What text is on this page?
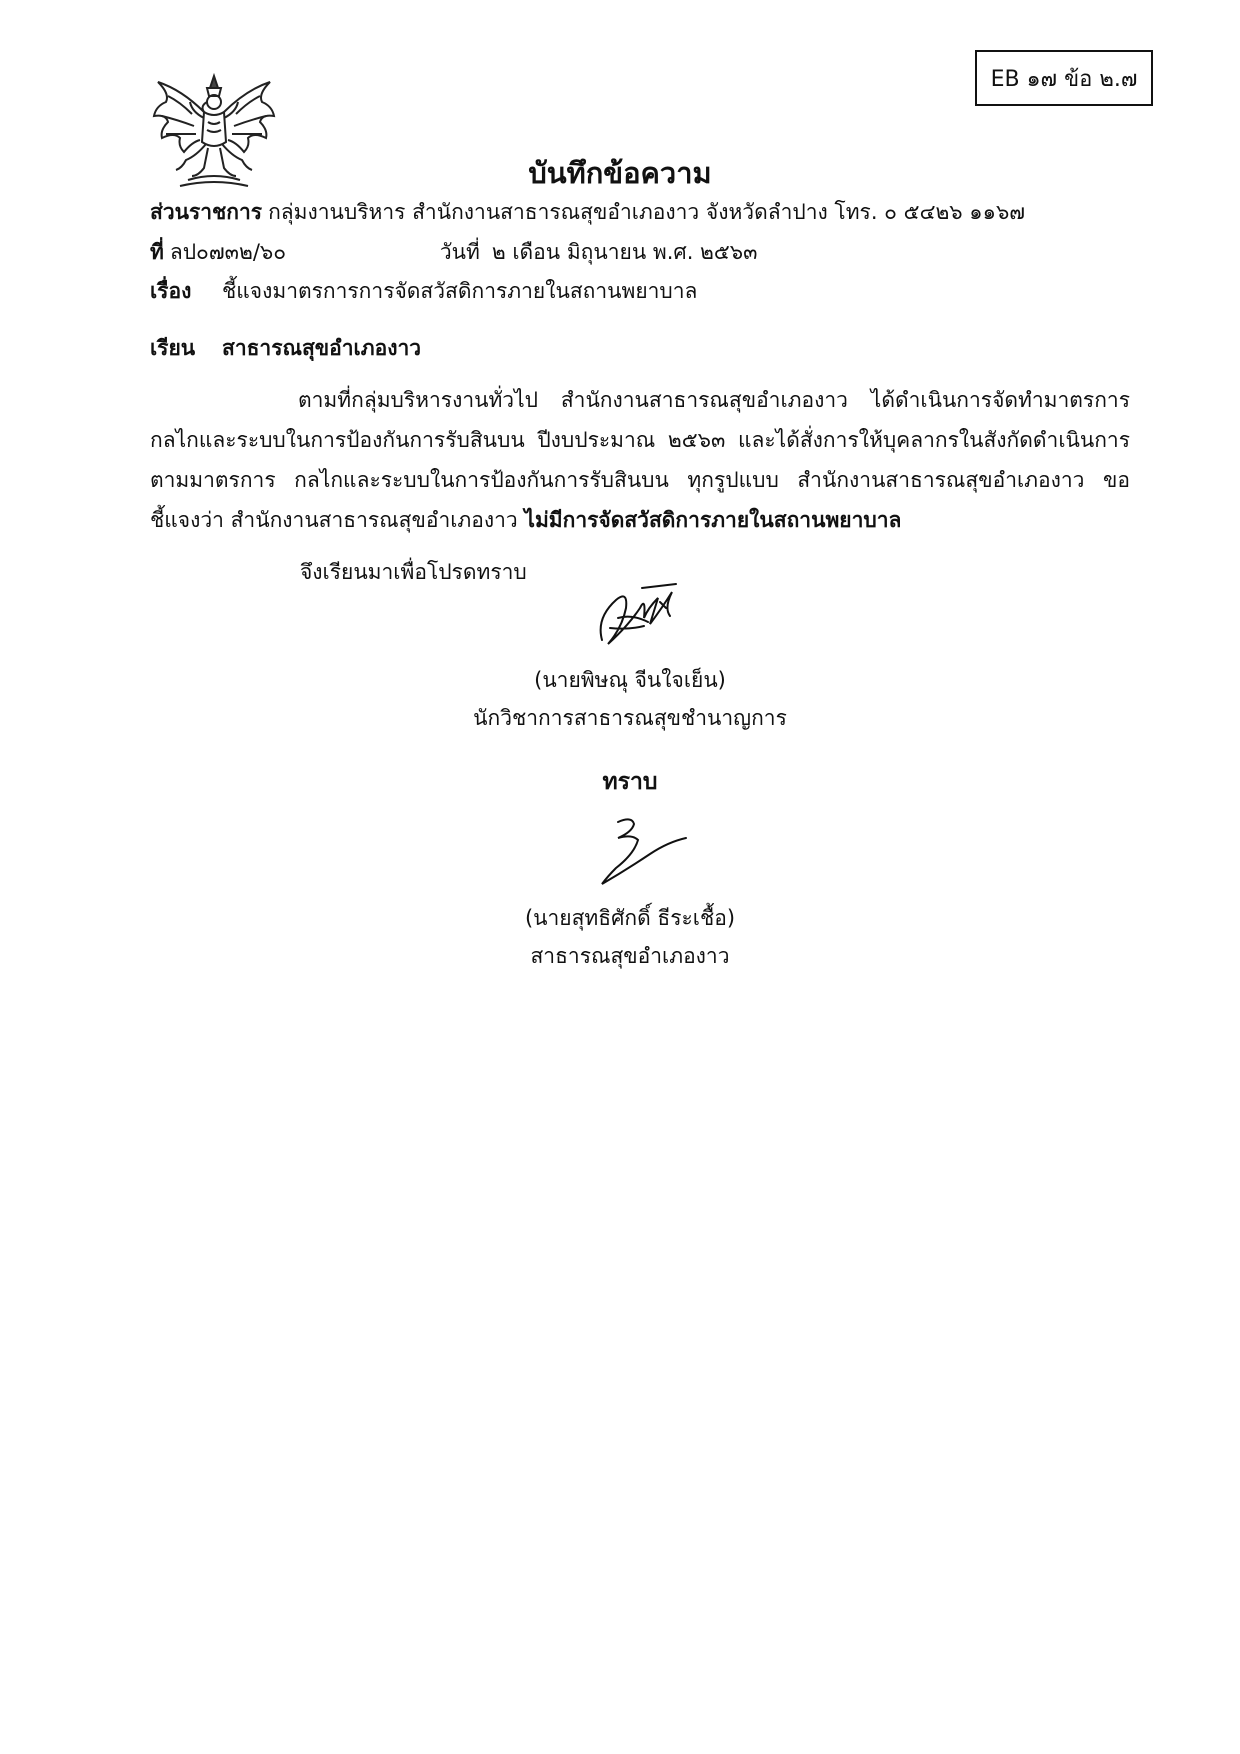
EB ๑๗ ข้อ ๒.๗
บันทึกข้อความ
ส่วนราชการ กลุ่มงานบริหาร สำนักงานสาธารณสุขอำเภองาว จังหวัดลำปาง โทร. ๐ ๕๔๒๖ ๑๑๖๗
ที่ ลป๐๗๓๒/๖๐	วันที่ ๒ เดือน มิถุนายน พ.ศ. ๒๕๖๓
เรื่อง ชี้แจงมาตรการการจัดสวัสดิการภายในสถานพยาบาล
เรียน สาธารณสุขอำเภองาว

ตามที่กลุ่มบริหารงานทั่วไป สำนักงานสาธารณสุขอำเภองาว ได้ดำเนินการจัดทำมาตรการ กลไกและระบบในการป้องกันการรับสินบน ปีงบประมาณ ๒๕๖๓ และได้สั่งการให้บุคลากรในสังกัดดำเนินการตามมาตรการ กลไกและระบบในการป้องกันการรับสินบน ทุกรูปแบบ สำนักงานสาธารณสุขอำเภองาว ขอชี้แจงว่า สำนักงานสาธารณสุขอำเภองาว ไม่มีการจัดสวัสดิการภายในสถานพยาบาล

จึงเรียนมาเพื่อโปรดทราบ
(นายพิษณุ จีนใจเย็น)
นักวิชาการสาธารณสุขชำนาญการ
ทราบ
(นายสุทธิศักดิ์ ธีระเชื้อ)
สาธารณสุขอำเภองาว
